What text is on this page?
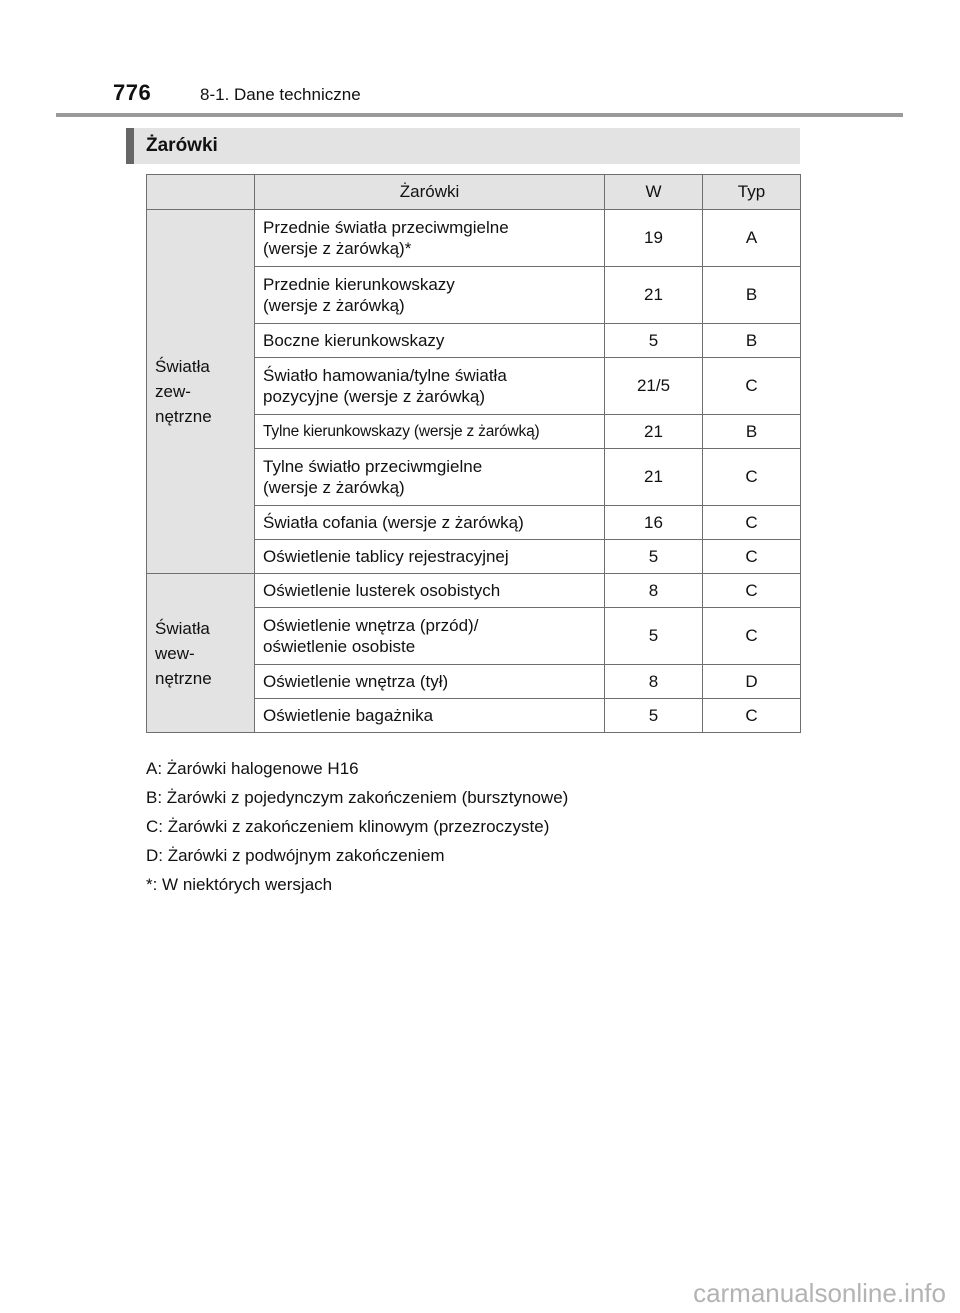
776	8-1. Dane techniczne
Żarówki
	Żarówki	W	Typ

Światła zew-
nętrzne	Przednie światła przeciwmgielne
(wersje z żarówką)*	19	A

	Przednie kierunkowskazy
(wersje z żarówką)	21	B
	Boczne kierunkowskazy	5	B

	Światło hamowania/tylne światła
pozycyjne (wersje z żarówką)	21/5	C
	Tylne kierunkowskazy (wersje z żarówką)	21	B

	Tylne światło przeciwmgielne
(wersje z żarówką)	21	C
	Światła cofania (wersje z żarówką)	16	C
	Oświetlenie tablicy rejestracyjnej	5	C

Światła wew-
nętrzne	Oświetlenie lusterek osobistych	8	C

	Oświetlenie wnętrza (przód)/
oświetlenie osobiste	5	C
	Oświetlenie wnętrza (tył)	8	D
	Oświetlenie bagażnika	5	C

A: Żarówki halogenowe H16

B: Żarówki z pojedynczym zakończeniem (bursztynowe)

C: Żarówki z zakończeniem klinowym (przezroczyste)

D: Żarówki z podwójnym zakończeniem

*: W niektórych wersjach

carmanualsonline.info
